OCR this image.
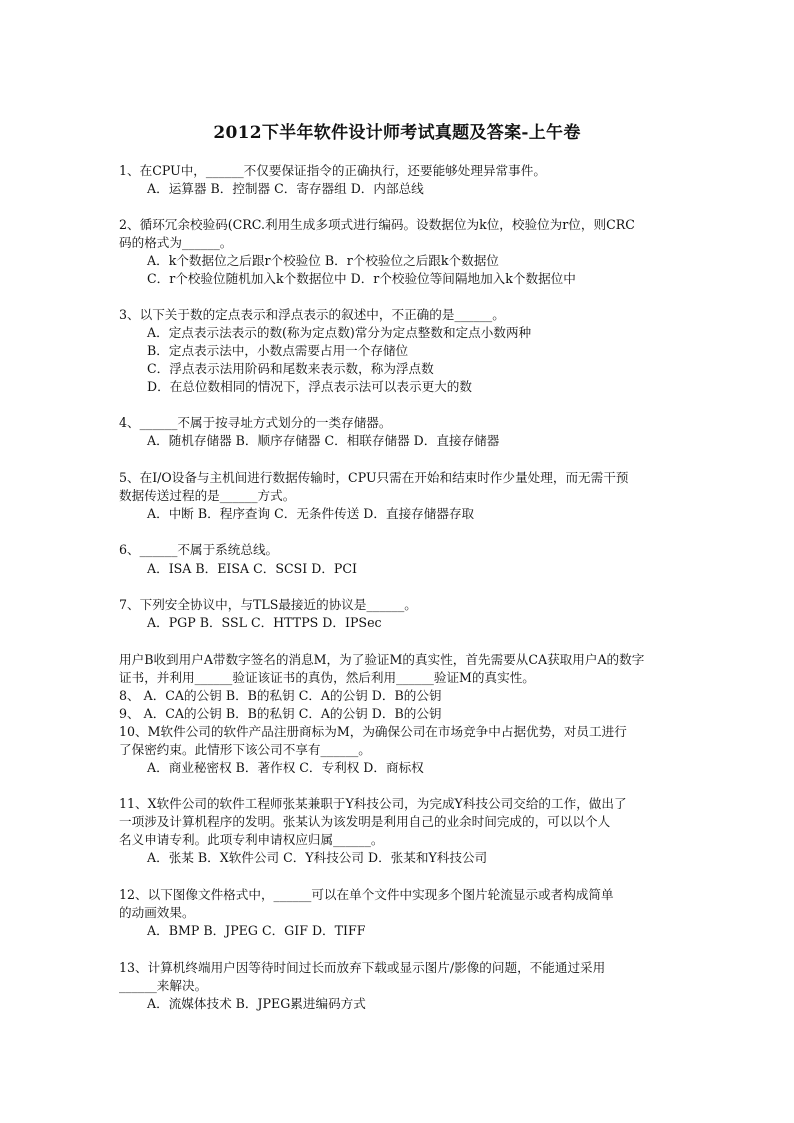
2012下半年软件设计师考试真题及答案-上午卷
1、在CPU中，______不仅要保证指令的正确执行，还要能够处理异常事件。
A．运算器 B．控制器 C．寄存器组 D．内部总线
2、循环冗余校验码(CRC.利用生成多项式进行编码。设数据位为k位，校验位为r位，则CRC
码的格式为______。
A．k个数据位之后跟r个校验位 B．r个校验位之后跟k个数据位
C．r个校验位随机加入k个数据位中 D．r个校验位等间隔地加入k个数据位中
3、以下关于数的定点表示和浮点表示的叙述中，不正确的是______。
A．定点表示法表示的数(称为定点数)常分为定点整数和定点小数两种
B．定点表示法中，小数点需要占用一个存储位
C．浮点表示法用阶码和尾数来表示数，称为浮点数
D．在总位数相同的情况下，浮点表示法可以表示更大的数
4、______不属于按寻址方式划分的一类存储器。
A．随机存储器 B．顺序存储器 C．相联存储器 D．直接存储器
5、在I/O设备与主机间进行数据传输时，CPU只需在开始和结束时作少量处理，而无需干预
数据传送过程的是______方式。
A．中断 B．程序查询 C．无条件传送 D．直接存储器存取
6、______不属于系统总线。
A．ISA B．EISA C．SCSI D．PCI
7、下列安全协议中，与TLS最接近的协议是______。
A．PGP B．SSL C．HTTPS D．IPSec
用户B收到用户A带数字签名的消息M，为了验证M的真实性，首先需要从CA获取用户A的数字
证书，并利用______验证该证书的真伪，然后利用______验证M的真实性。
8、 A．CA的公钥 B．B的私钥 C．A的公钥 D．B的公钥
9、 A．CA的公钥 B．B的私钥 C．A的公钥 D．B的公钥
10、M软件公司的软件产品注册商标为M，为确保公司在市场竞争中占据优势，对员工进行
了保密约束。此情形下该公司不享有______。
A．商业秘密权 B．著作权 C．专利权 D．商标权
11、X软件公司的软件工程师张某兼职于Y科技公司，为完成Y科技公司交给的工作，做出了
一项涉及计算机程序的发明。张某认为该发明是利用自己的业余时间完成的，可以以个人
名义申请专利。此项专利申请权应归属______。
A．张某 B．X软件公司 C．Y科技公司 D．张某和Y科技公司
12、以下图像文件格式中，______可以在单个文件中实现多个图片轮流显示或者构成简单
的动画效果。
A．BMP B．JPEG C．GIF D．TIFF
13、计算机终端用户因等待时间过长而放弃下载或显示图片/影像的问题，不能通过采用
______来解决。
A．流媒体技术 B．JPEG累进编码方式
